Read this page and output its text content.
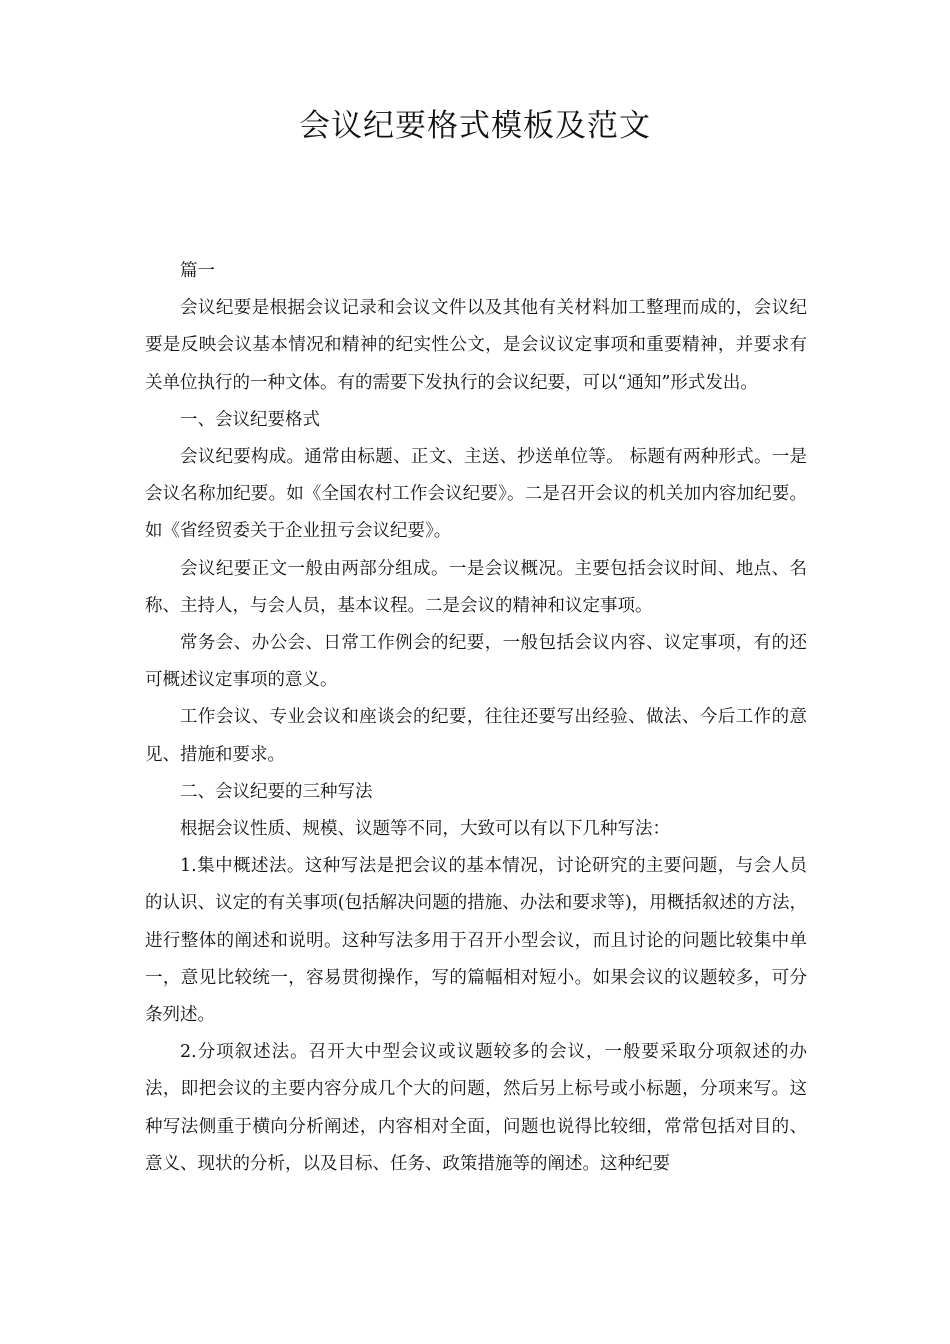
会议纪要格式模板及范文

篇一

会议纪要是根据会议记录和会议文件以及其他有关材料加工整理而成的，会议纪要是反映会议基本情况和精神的纪实性公文，是会议议定事项和重要精神，并要求有关单位执行的一种文体。有的需要下发执行的会议纪要，可以“通知”形式发出。

一、会议纪要格式

会议纪要构成。通常由标题、正文、主送、抄送单位等。 标题有两种形式。一是会议名称加纪要。如《全国农村工作会议纪要》。二是召开会议的机关加内容加纪要。如《省经贸委关于企业扭亏会议纪要》。

会议纪要正文一般由两部分组成。一是会议概况。主要包括会议时间、地点、名称、主持人，与会人员，基本议程。二是会议的精神和议定事项。

常务会、办公会、日常工作例会的纪要，一般包括会议内容、议定事项，有的还可概述议定事项的意义。

工作会议、专业会议和座谈会的纪要，往往还要写出经验、做法、今后工作的意见、措施和要求。

二、会议纪要的三种写法

根据会议性质、规模、议题等不同，大致可以有以下几种写法：

1.集中概述法。这种写法是把会议的基本情况，讨论研究的主要问题，与会人员的认识、议定的有关事项(包括解决问题的措施、办法和要求等)，用概括叙述的方法，进行整体的阐述和说明。这种写法多用于召开小型会议，而且讨论的问题比较集中单一，意见比较统一，容易贯彻操作，写的篇幅相对短小。如果会议的议题较多，可分条列述。

2.分项叙述法。召开大中型会议或议题较多的会议，一般要采取分项叙述的办法，即把会议的主要内容分成几个大的问题，然后另上标号或小标题，分项来写。这种写法侧重于横向分析阐述，内容相对全面，问题也说得比较细，常常包括对目的、意义、现状的分析，以及目标、任务、政策措施等的阐述。这种纪要
